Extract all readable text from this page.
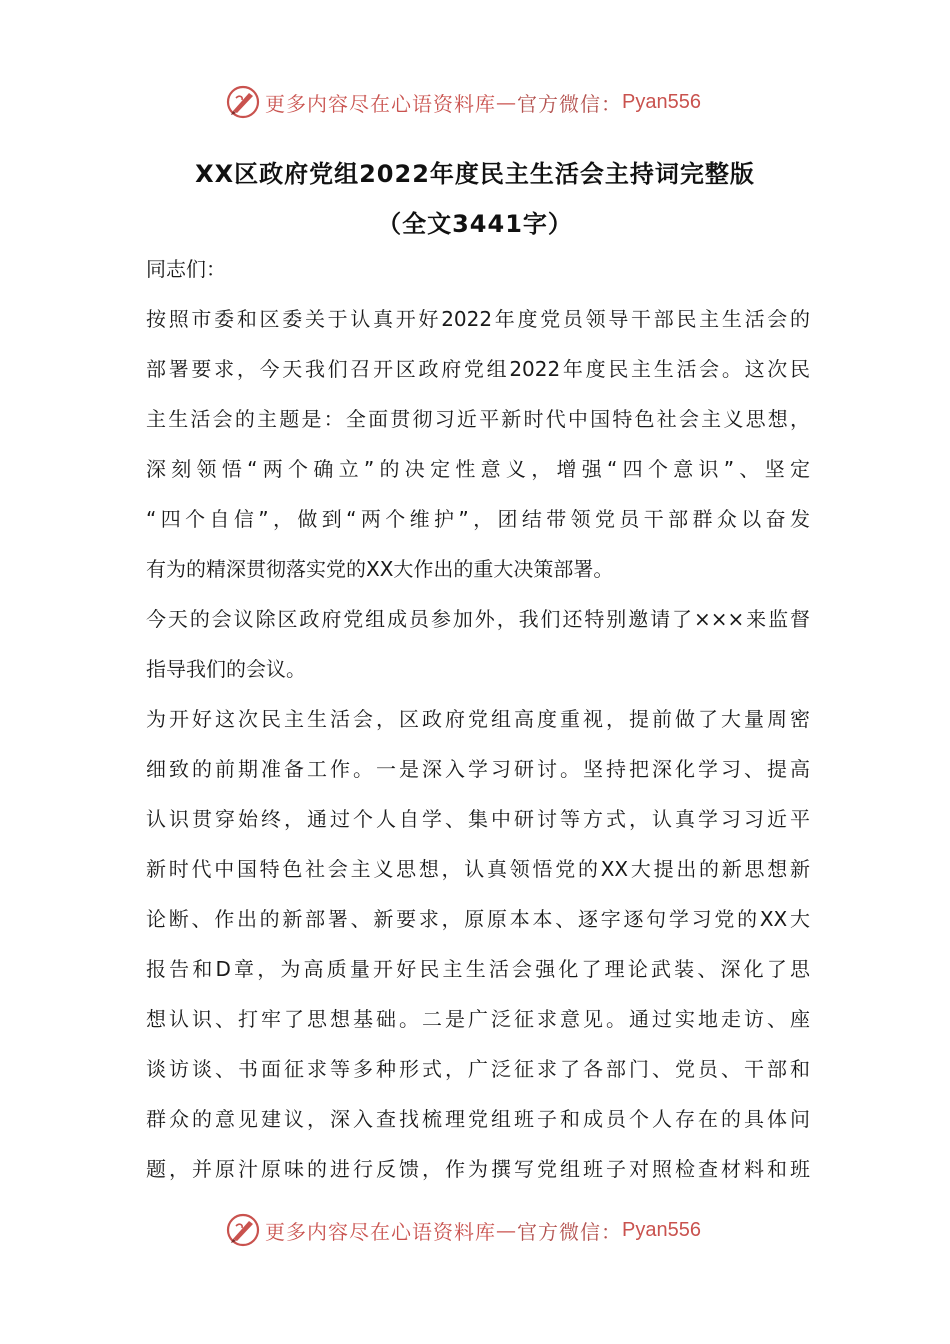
更多内容尽在心语资料库 — 官方微信： Pyan556
XX区政府党组2022年度民主生活会主持词完整版
（全文3441字）
同志们：
按照市委和区委关于认真开好2022年度党员领导干部民主生活会的
部署要求，今天我们召开区政府党组2022年度民主生活会。这次民
主生活会的主题是：全面贯彻习近平新时代中国特色社会主义思想，
深刻领悟“两个确立”的决定性意义，增强“四个意识”、坚定
“四个自信”，做到“两个维护”，团结带领党员干部群众以奋发
有为的精深贯彻落实党的XX大作出的重大决策部署。
今天的会议除区政府党组成员参加外，我们还特别邀请了×××来监督
指导我们的会议。
为开好这次民主生活会，区政府党组高度重视，提前做了大量周密
细致的前期准备工作。一是深入学习研讨。坚持把深化学习、提高
认识贯穿始终，通过个人自学、集中研讨等方式，认真学习习近平
新时代中国特色社会主义思想，认真领悟党的XX大提出的新思想新
论断、作出的新部署、新要求，原原本本、逐字逐句学习党的XX大
报告和D章，为高质量开好民主生活会强化了理论武装、深化了思
想认识、打牢了思想基础。二是广泛征求意见。通过实地走访、座
谈访谈、书面征求等多种形式，广泛征求了各部门、党员、干部和
群众的意见建议，深入查找梳理党组班子和成员个人存在的具体问
题，并原汁原味的进行反馈，作为撰写党组班子对照检查材料和班
更多内容尽在心语资料库 — 官方微信： Pyan556
